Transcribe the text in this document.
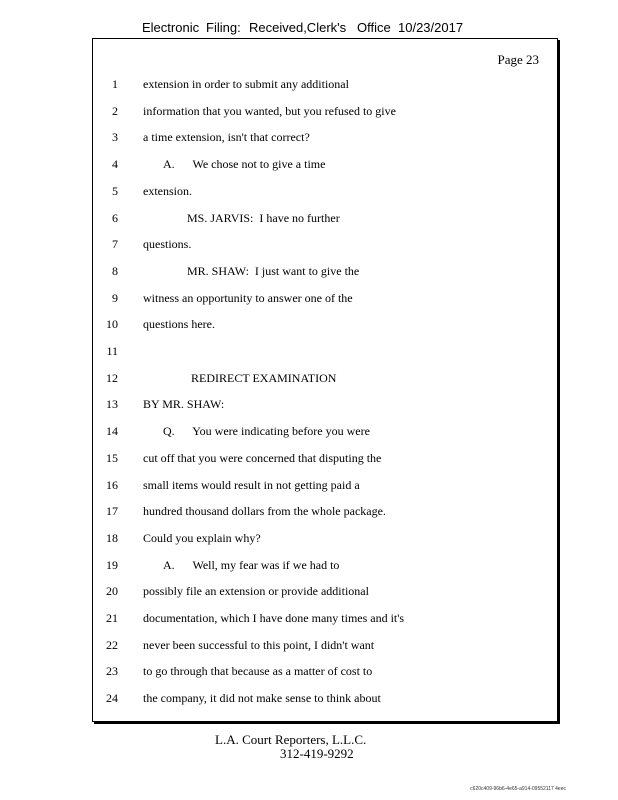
Electronic Filing: Received,Clerk's Office 10/23/2017
Page 23
1 extension in order to submit any additional
2 information that you wanted, but you refused to give
3 a time extension, isn't that correct?
4	A.      We chose not to give a time
5 extension.
6	MS. JARVIS:  I have no further
7 questions.
8	MR. SHAW:  I just want to give the
9 witness an opportunity to answer one of the
10 questions here.
11
12	REDIRECT EXAMINATION
13 BY MR. SHAW:
14	Q.      You were indicating before you were
15 cut off that you were concerned that disputing the
16 small items would result in not getting paid a
17 hundred thousand dollars from the whole package.
18 Could you explain why?
19	A.      Well, my fear was if we had to
20 possibly file an extension or provide additional
21 documentation, which I have done many times and it's
22 never been successful to this point, I didn't want
23 to go through that because as a matter of cost to
24 the company, it did not make sense to think about
L.A. Court Reporters, L.L.C.
312-419-9292
c620c409-96b6-4e65-a914-09552117 4eec
